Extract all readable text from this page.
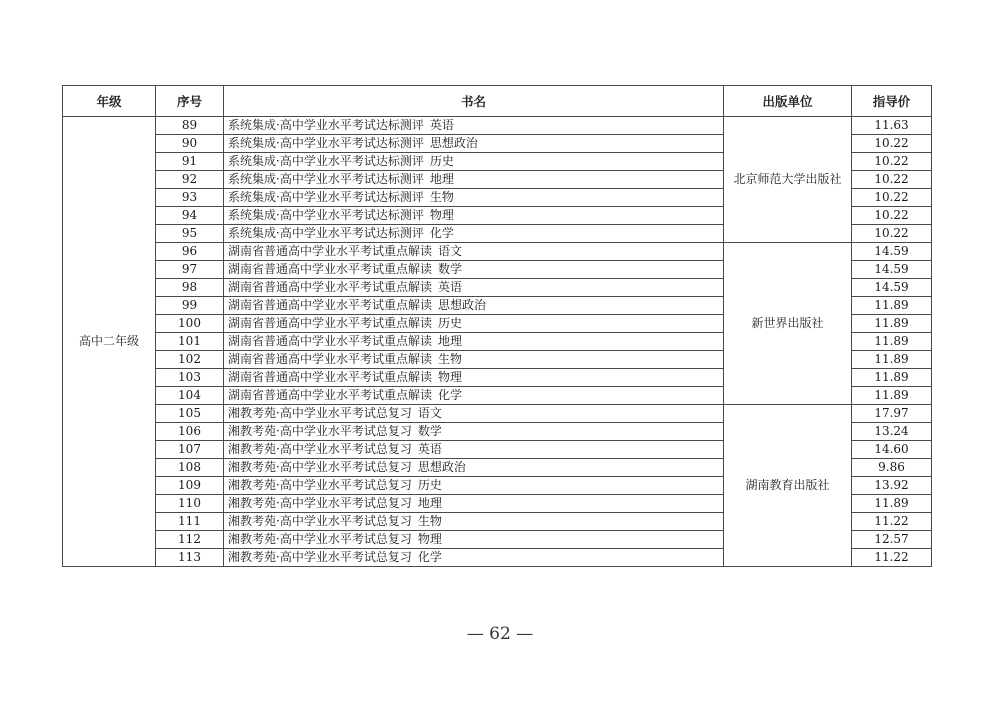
年级	序号	书名	出版单位	指导价
高中二年级	89	系统集成·高中学业水平考试达标测评 英语	北京师范大学出版社	11.63
	90	系统集成·高中学业水平考试达标测评 思想政治		10.22
	91	系统集成·高中学业水平考试达标测评 历史		10.22
	92	系统集成·高中学业水平考试达标测评 地理		10.22
	93	系统集成·高中学业水平考试达标测评 生物		10.22
	94	系统集成·高中学业水平考试达标测评 物理		10.22
	95	系统集成·高中学业水平考试达标测评 化学		10.22
	96	湖南省普通高中学业水平考试重点解读 语文	新世界出版社	14.59
	97	湖南省普通高中学业水平考试重点解读 数学		14.59
	98	湖南省普通高中学业水平考试重点解读 英语		14.59
	99	湖南省普通高中学业水平考试重点解读 思想政治		11.89
	100	湖南省普通高中学业水平考试重点解读 历史		11.89
	101	湖南省普通高中学业水平考试重点解读 地理		11.89
	102	湖南省普通高中学业水平考试重点解读 生物		11.89
	103	湖南省普通高中学业水平考试重点解读 物理		11.89
	104	湖南省普通高中学业水平考试重点解读 化学		11.89
	105	湘教考苑·高中学业水平考试总复习 语文	湖南教育出版社	17.97
	106	湘教考苑·高中学业水平考试总复习 数学		13.24
	107	湘教考苑·高中学业水平考试总复习 英语		14.60
	108	湘教考苑·高中学业水平考试总复习 思想政治		9.86
	109	湘教考苑·高中学业水平考试总复习 历史		13.92
	110	湘教考苑·高中学业水平考试总复习 地理		11.89
	111	湘教考苑·高中学业水平考试总复习 生物		11.22
	112	湘教考苑·高中学业水平考试总复习 物理		12.57
	113	湘教考苑·高中学业水平考试总复习 化学		11.22
— 62 —
